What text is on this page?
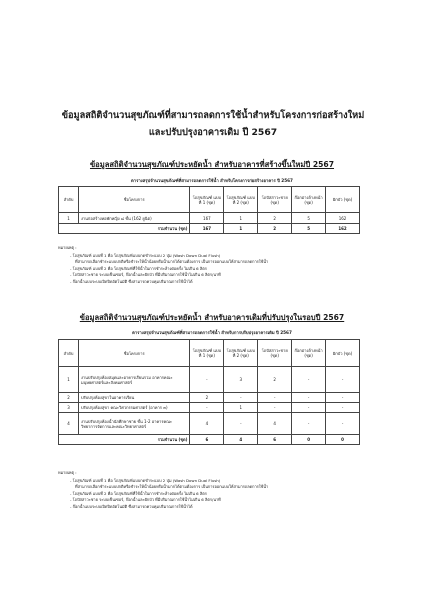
ข้อมูลสถิติจำนวนสุขภัณฑ์ที่สามารถลดการใช้น้ำสำหรับโครงการก่อสร้างใหม่
และปรับปรุงอาคารเดิม ปี 2567
ข้อมูลสถิติจำนวนสุขภัณฑ์ประหยัดน้ำ สำหรับอาคารที่สร้างขึ้นใหม่ปี 2567
ตารางสรุปจำนวนสุขภัณฑ์ที่สามารถลดการใช้น้ำ สำหรับโครงการก่อสร้างอาคาร ปี 2567
ลำดับ	ชื่อโครงการ	โถสุขภัณฑ์ แบบที่ 1 (ชุด)	โถสุขภัณฑ์ แบบที่ 2 (ชุด)	โถปัสสาวะชาย (ชุด)	ก๊อกอ่างล้างหน้า (ชุด)	ฝักบัว (ชุด)
1	งานก่อสร้างหอพักหญิง ๘ ชั้น (162 ยูนิต)	167	1	2	5	162
รวมจำนวน (ชุด)		167	1	2	5	162
หมายเหตุ :
- โถสุขภัณฑ์ แบบที่ 1 คือ โถสุขภัณฑ์แบบกดชำระแบบ 2 ปุ่ม (Wash Down Dual Flush)
ที่สามารถเลือกชำระแบบปกติหรือชำระให้น้ำน้อยหรือน้ำมากได้ตามต้องการ เป็นการออกแบบให้สามารถลดการใช้น้ำ
- โถสุขภัณฑ์ แบบที่ 2 คือ โถสุขภัณฑ์ที่ใช้น้ำในการชำระล้างต่อครั้ง ไม่เกิน 6 ลิตร
- โถปัสสาวะชาย ระบบเซ็นเซอร์, ก๊อกน้ำและฝักบัว ที่มีปริมาณการใช้น้ำไม่เกิน 6 ลิตร/นาที
- ก๊อกน้ำแบบระบบเปิดปิดอัตโนมัติ ซึ่งสามารถควบคุมปริมาณการใช้น้ำได้
ข้อมูลสถิติจำนวนสุขภัณฑ์ประหยัดน้ำ สำหรับอาคารเดิมที่ปรับปรุงในรอบปี 2567
ตารางสรุปจำนวนสุขภัณฑ์ที่สามารถลดการใช้น้ำ สำหรับการปรับปรุงอาคารเดิม ปี 2567
ลำดับ	ชื่อโครงการ	โถสุขภัณฑ์ แบบที่ 1 (ชุด)	โถสุขภัณฑ์ แบบที่ 2 (ชุด)	โถปัสสาวะชาย (ชุด)	ก๊อกอ่างล้างหน้า (ชุด)	ฝักบัว (ชุด)
1	งานปรับปรุงห้องสมุดและอาคารเรียนรวม อาคารคณะมนุษยศาสตร์และสังคมศาสตร์	-	3	2	-	-
2	ปรับปรุงห้องสุขาในอาคารเรียน	2	-	-	-	-
3	ปรับปรุงห้องสุขา คณะวิศวกรรมศาสตร์ (อาคาร ๓)	-	1	-	-	-
4	งานปรับปรุงห้องน้ำนักศึกษาชาย ชั้น 1-2 อาคารคณะวิทยาการจัดการและคณะวิทยาศาสตร์	4	-	4	-	-
รวมจำนวน (ชุด)		6	4	6	0	0
หมายเหตุ :
- โถสุขภัณฑ์ แบบที่ 1 คือ โถสุขภัณฑ์แบบกดชำระแบบ 2 ปุ่ม (Wash Down Dual Flush)
ที่สามารถเลือกชำระแบบปกติหรือชำระให้น้ำน้อยหรือน้ำมากได้ตามต้องการ เป็นการออกแบบให้สามารถลดการใช้น้ำ
- โถสุขภัณฑ์ แบบที่ 2 คือ โถสุขภัณฑ์ที่ใช้น้ำในการชำระล้างต่อครั้ง ไม่เกิน 6 ลิตร
- โถปัสสาวะชาย ระบบเซ็นเซอร์, ก๊อกน้ำและฝักบัว ที่มีปริมาณการใช้น้ำไม่เกิน 6 ลิตร/นาที
- ก๊อกน้ำแบบระบบเปิดปิดอัตโนมัติ ซึ่งสามารถควบคุมปริมาณการใช้น้ำได้
